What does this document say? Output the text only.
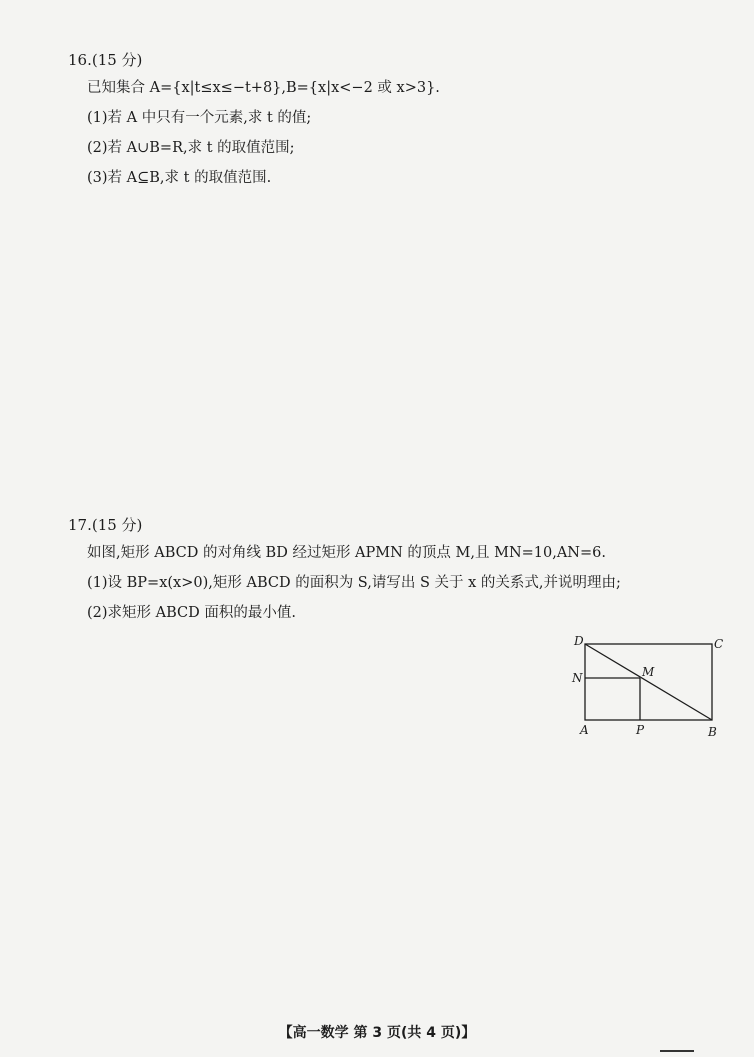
16.(15 分)
已知集合 A={x|t≤x≤−t+8},B={x|x<−2 或 x>3}.
(1)若 A 中只有一个元素,求 t 的值;
(2)若 A∪B=R,求 t 的取值范围;
(3)若 A⊆B,求 t 的取值范围.
17.(15 分)
如图,矩形 ABCD 的对角线 BD 经过矩形 APMN 的顶点 M,且 MN=10,AN=6.
(1)设 BP=x(x>0),矩形 ABCD 的面积为 S,请写出 S 关于 x 的关系式,并说明理由;
(2)求矩形 ABCD 面积的最小值.
D	C
N	M
A	P	B
【高一数学 第 3 页(共 4 页)】
